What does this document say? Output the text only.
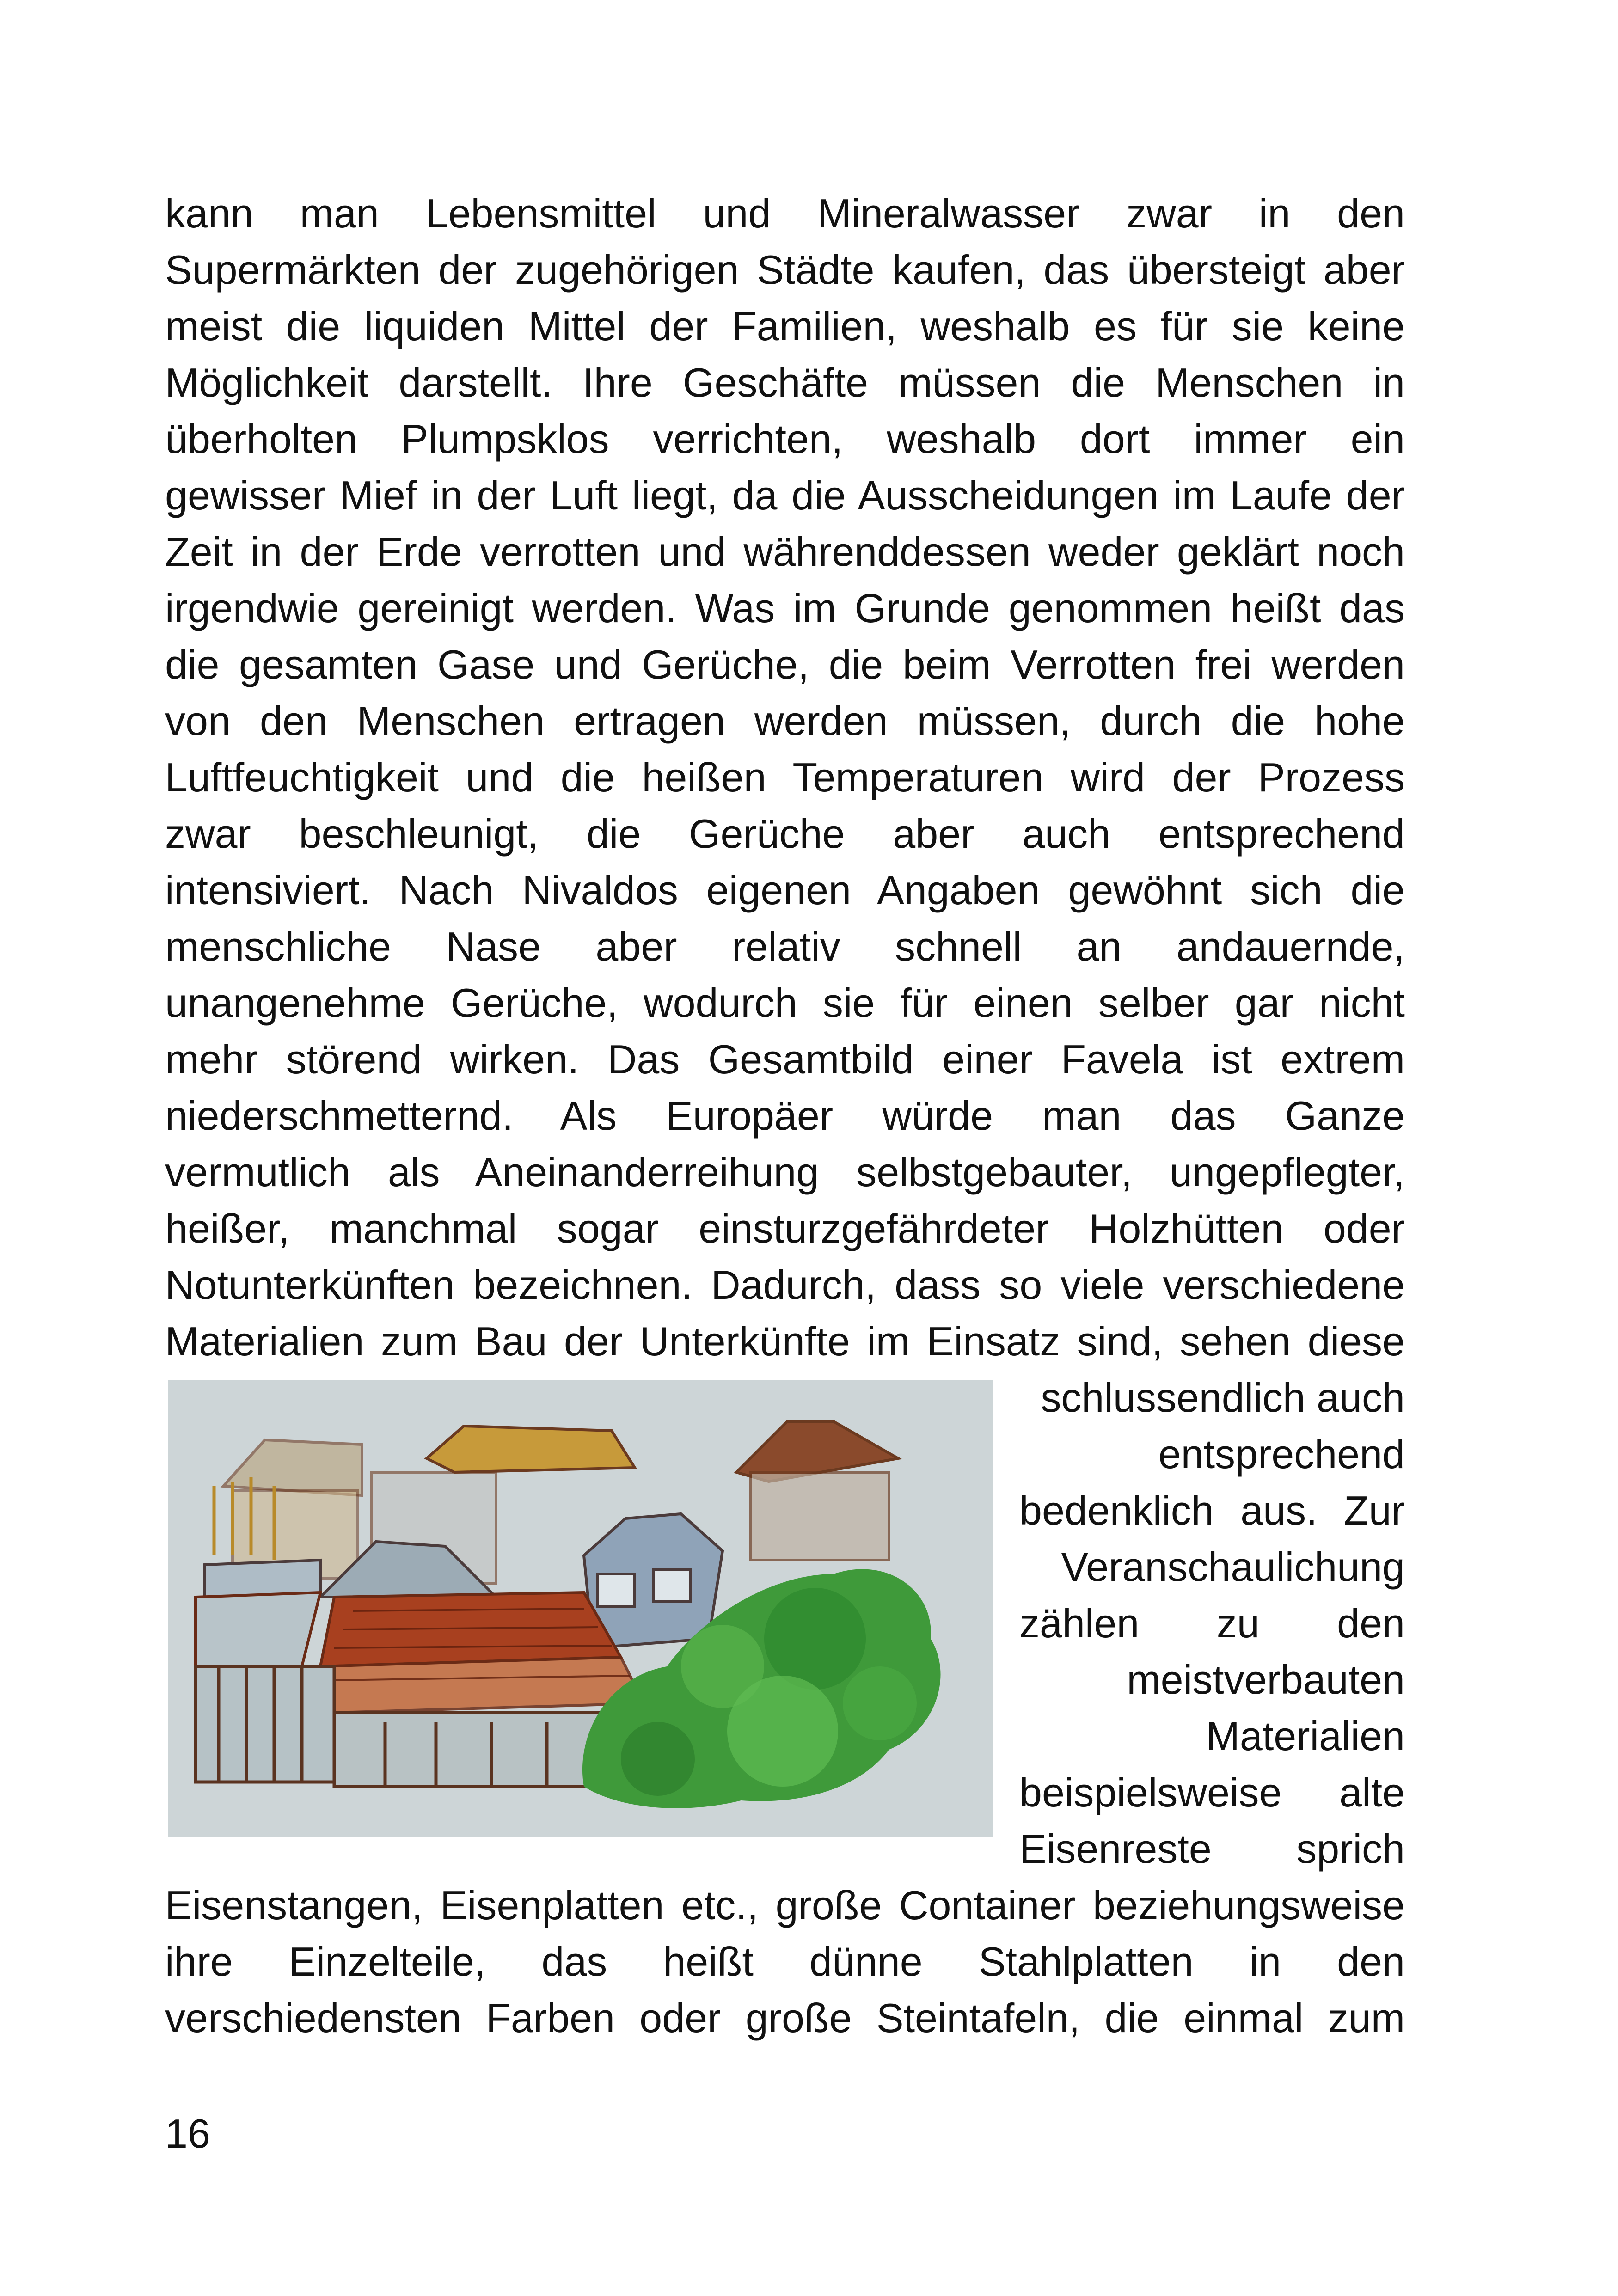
kann man Lebensmittel und Mineralwasser zwar in den
Supermärkten der zugehörigen Städte kaufen, das übersteigt aber
meist die liquiden Mittel der Familien, weshalb es für sie keine
Möglichkeit darstellt. Ihre Geschäfte müssen die Menschen in
überholten Plumpsklos verrichten, weshalb dort immer ein
gewisser Mief in der Luft liegt, da die Ausscheidungen im Laufe der
Zeit in der Erde verrotten und währenddessen weder geklärt noch
irgendwie gereinigt werden. Was im Grunde genommen heißt das
die gesamten Gase und Gerüche, die beim Verrotten frei werden
von den Menschen ertragen werden müssen, durch die hohe
Luftfeuchtigkeit und die heißen Temperaturen wird der Prozess
zwar beschleunigt, die Gerüche aber auch entsprechend
intensiviert. Nach Nivaldos eigenen Angaben gewöhnt sich die
menschliche Nase aber relativ schnell an andauernde,
unangenehme Gerüche, wodurch sie für einen selber gar nicht
mehr störend wirken. Das Gesamtbild einer Favela ist extrem
niederschmetternd. Als Europäer würde man das Ganze
vermutlich als Aneinanderreihung selbstgebauter, ungepflegter,
heißer, manchmal sogar einsturzgefährdeter Holzhütten oder
Notunterkünften bezeichnen. Dadurch, dass so viele verschiedene
Materialien zum Bau der Unterkünfte im Einsatz sind, sehen diese
schlussendlich auch
entsprechend
bedenklich aus. Zur
Veranschaulichung
zählen zu den
meistverbauten
Materialien
beispielsweise alte
Eisenreste sprich
Eisenstangen, Eisenplatten etc., große Container beziehungsweise
ihre Einzelteile, das heißt dünne Stahlplatten in den
verschiedensten Farben oder große Steintafeln, die einmal zum
16
